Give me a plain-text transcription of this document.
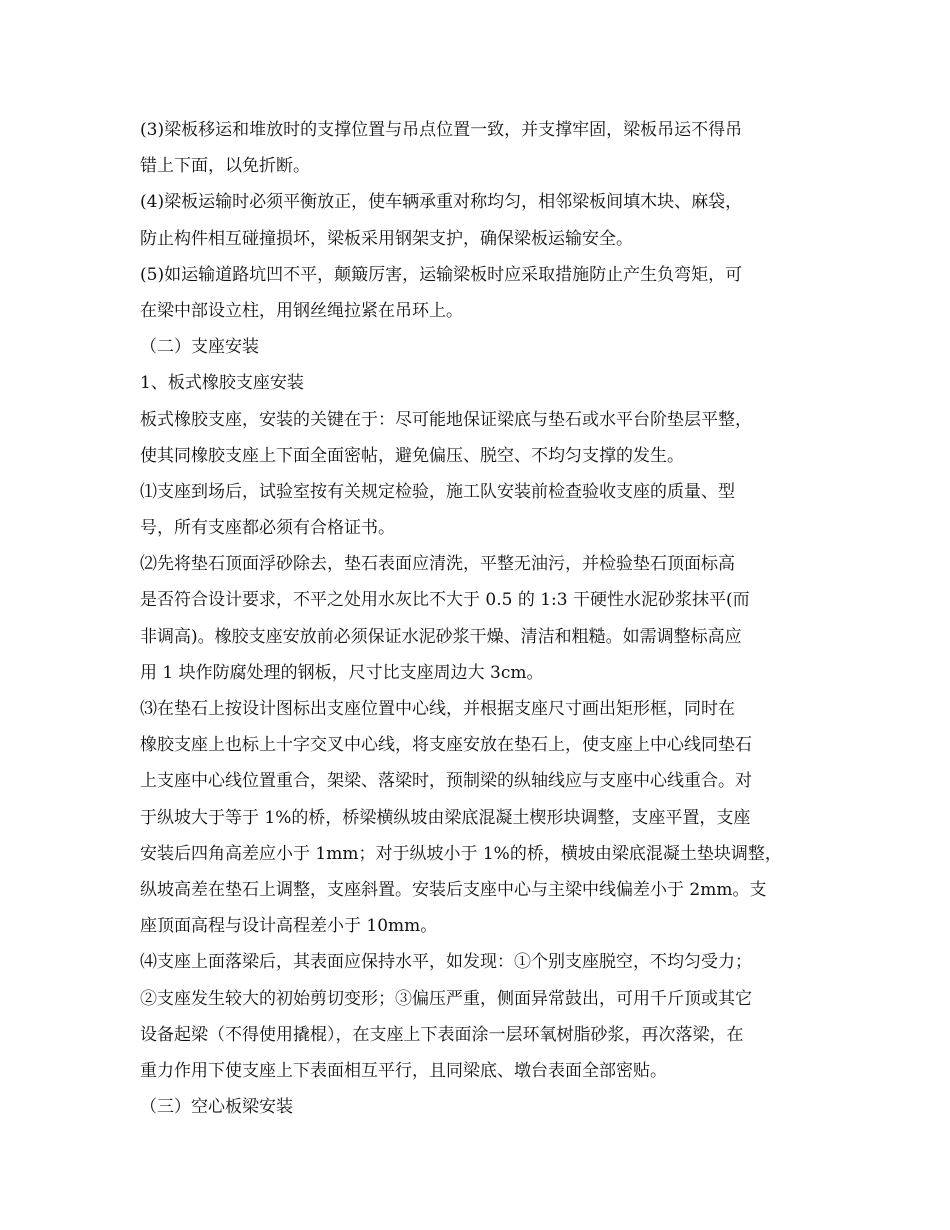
(3)梁板移运和堆放时的支撑位置与吊点位置一致，并支撑牢固，梁板吊运不得吊
错上下面，以免折断。
(4)梁板运输时必须平衡放正，使车辆承重对称均匀，相邻梁板间填木块、麻袋，
防止构件相互碰撞损坏，梁板采用钢架支护，确保梁板运输安全。
(5)如运输道路坑凹不平，颠簸厉害，运输梁板时应采取措施防止产生负弯矩，可
在梁中部设立柱，用钢丝绳拉紧在吊环上。
（二）支座安装
1、板式橡胶支座安装
板式橡胶支座，安装的关键在于：尽可能地保证梁底与垫石或水平台阶垫层平整，
使其同橡胶支座上下面全面密帖，避免偏压、脱空、不均匀支撑的发生。
⑴支座到场后，试验室按有关规定检验，施工队安装前检查验收支座的质量、型
号，所有支座都必须有合格证书。
⑵先将垫石顶面浮砂除去，垫石表面应清洗，平整无油污，并检验垫石顶面标高
是否符合设计要求，不平之处用水灰比不大于 0.5 的 1:3 干硬性水泥砂浆抹平(而
非调高)。橡胶支座安放前必须保证水泥砂浆干燥、清洁和粗糙。如需调整标高应
用 1 块作防腐处理的钢板，尺寸比支座周边大 3cm。
⑶在垫石上按设计图标出支座位置中心线，并根据支座尺寸画出矩形框，同时在
橡胶支座上也标上十字交叉中心线，将支座安放在垫石上，使支座上中心线同垫石
上支座中心线位置重合，架梁、落梁时，预制梁的纵轴线应与支座中心线重合。对
于纵坡大于等于 1%的桥，桥梁横纵坡由梁底混凝土楔形块调整，支座平置，支座
安装后四角高差应小于 1mm；对于纵坡小于 1%的桥，横坡由梁底混凝土垫块调整，
纵坡高差在垫石上调整，支座斜置。安装后支座中心与主梁中线偏差小于 2mm。支
座顶面高程与设计高程差小于 10mm。
⑷支座上面落梁后，其表面应保持水平，如发现：①个别支座脱空，不均匀受力；
②支座发生较大的初始剪切变形；③偏压严重，侧面异常鼓出，可用千斤顶或其它
设备起梁（不得使用撬棍），在支座上下表面涂一层环氧树脂砂浆，再次落梁，在
重力作用下使支座上下表面相互平行，且同梁底、墩台表面全部密贴。
（三）空心板梁安装
